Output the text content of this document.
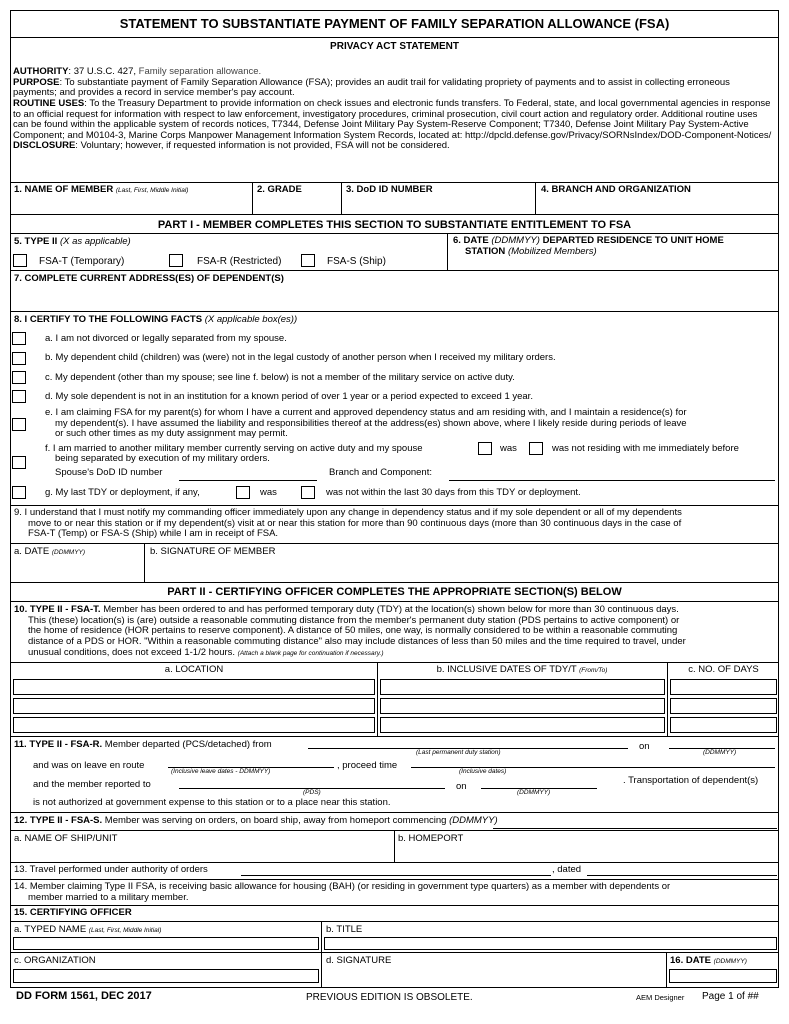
STATEMENT TO SUBSTANTIATE PAYMENT OF FAMILY SEPARATION ALLOWANCE (FSA)
PRIVACY ACT STATEMENT
AUTHORITY: 37 U.S.C. 427, Family separation allowance.
PURPOSE: To substantiate payment of Family Separation Allowance (FSA); provides an audit trail for validating propriety of payments and to assist in collecting erroneous payments; and provides a record in service member's pay account.
ROUTINE USES: To the Treasury Department to provide information on check issues and electronic funds transfers. To Federal, state, and local governmental agencies in response to an official request for information with respect to law enforcement, investigatory procedures, criminal prosecution, civil court action and regulatory order. Additional routine uses can be found within the applicable system of records notices, T7344, Defense Joint Military Pay System-Reserve Component; T7340, Defense Joint Military Pay System-Active Component; and M0104-3, Marine Corps Manpower Management Information System Records, located at: http://dpcld.defense.gov/Privacy/SORNsIndex/DOD-Component-Notices/
DISCLOSURE: Voluntary; however, if requested information is not provided, FSA will not be considered.
1. NAME OF MEMBER (Last, First, Middle Initial)	2. GRADE	3. DoD ID NUMBER	4. BRANCH AND ORGANIZATION
PART I - MEMBER COMPLETES THIS SECTION TO SUBSTANTIATE ENTITLEMENT TO FSA
5. TYPE II (X as applicable)
FSA-T (Temporary)	FSA-R (Restricted)	FSA-S (Ship)
6. DATE (DDMMYY) DEPARTED RESIDENCE TO UNIT HOME
STATION (Mobilized Members)
7. COMPLETE CURRENT ADDRESS(ES) OF DEPENDENT(S)
8. I CERTIFY TO THE FOLLOWING FACTS (X applicable box(es))
a. I am not divorced or legally separated from my spouse.
b. My dependent child (children) was (were) not in the legal custody of another person when I received my military orders.
c. My dependent (other than my spouse; see line f. below) is not a member of the military service on active duty.
d. My sole dependent is not in an institution for a known period of over 1 year or a period expected to exceed 1 year.
e. I am claiming FSA for my parent(s) for whom I have a current and approved dependency status and am residing with, and I maintain a residence(s) for
my dependent(s). I have assumed the liability and responsibilities thereof at the address(es) shown above, where I likely reside during periods of leave
or such other times as my duty assignment may permit.
f. I am married to another military member currently serving on active duty and my spouse	was	was not residing with me immediately before
being separated by execution of my military orders.
Spouse's DoD ID number	Branch and Component:
g. My last TDY or deployment, if any,	was	was not within the last 30 days from this TDY or deployment.
9. I understand that I must notify my commanding officer immediately upon any change in dependency status and if my sole dependent or all of my dependents
move to or near this station or if my dependent(s) visit at or near this station for more than 90 continuous days (more than 30 continuous days in the case of
FSA-T (Temp) or FSA-S (Ship) while I am in receipt of FSA.
a. DATE (DDMMYY)	b. SIGNATURE OF MEMBER
PART II - CERTIFYING OFFICER COMPLETES THE APPROPRIATE SECTION(S) BELOW
10. TYPE II - FSA-T. Member has been ordered to and has performed temporary duty (TDY) at the location(s) shown below for more than 30 continuous days.
This (these) location(s) is (are) outside a reasonable commuting distance from the member's permanent duty station (PDS pertains to active component) or
the home of residence (HOR pertains to reserve component). A distance of 50 miles, one way, is normally considered to be within a reasonable commuting
distance of a PDS or HOR. "Within a reasonable commuting distance" also may include distances of less than 50 miles and the time required to travel, under
unusual conditions, does not exceed 1-1/2 hours. (Attach a blank page for continuation if necessary.)
a. LOCATION	b. INCLUSIVE DATES OF TDY/T (From/To)	c. NO. OF DAYS
11. TYPE II - FSA-R. Member departed (PCS/detached) from
(Last permanent duty station)
on
(DDMMYY)
and was on leave en route
(Inclusive leave dates - DDMMYY)
, proceed time
(Inclusive dates)
and the member reported to
(PDS)
on
(DDMMYY)
. Transportation of dependent(s)
is not authorized at government expense to this station or to a place near this station.
12. TYPE II - FSA-S. Member was serving on orders, on board ship, away from homeport commencing (DDMMYY)
a. NAME OF SHIP/UNIT	b. HOMEPORT
13. Travel performed under authority of orders	, dated
14. Member claiming Type II FSA, is receiving basic allowance for housing (BAH) (or residing in government type quarters) as a member with dependents or
member married to a military member.
15. CERTIFYING OFFICER
a. TYPED NAME (Last, First, Middle Initial)	b. TITLE
c. ORGANIZATION	d. SIGNATURE	16. DATE (DDMMYY)
DD FORM 1561, DEC 2017	PREVIOUS EDITION IS OBSOLETE.	AEM Designer Page 1 of ##
